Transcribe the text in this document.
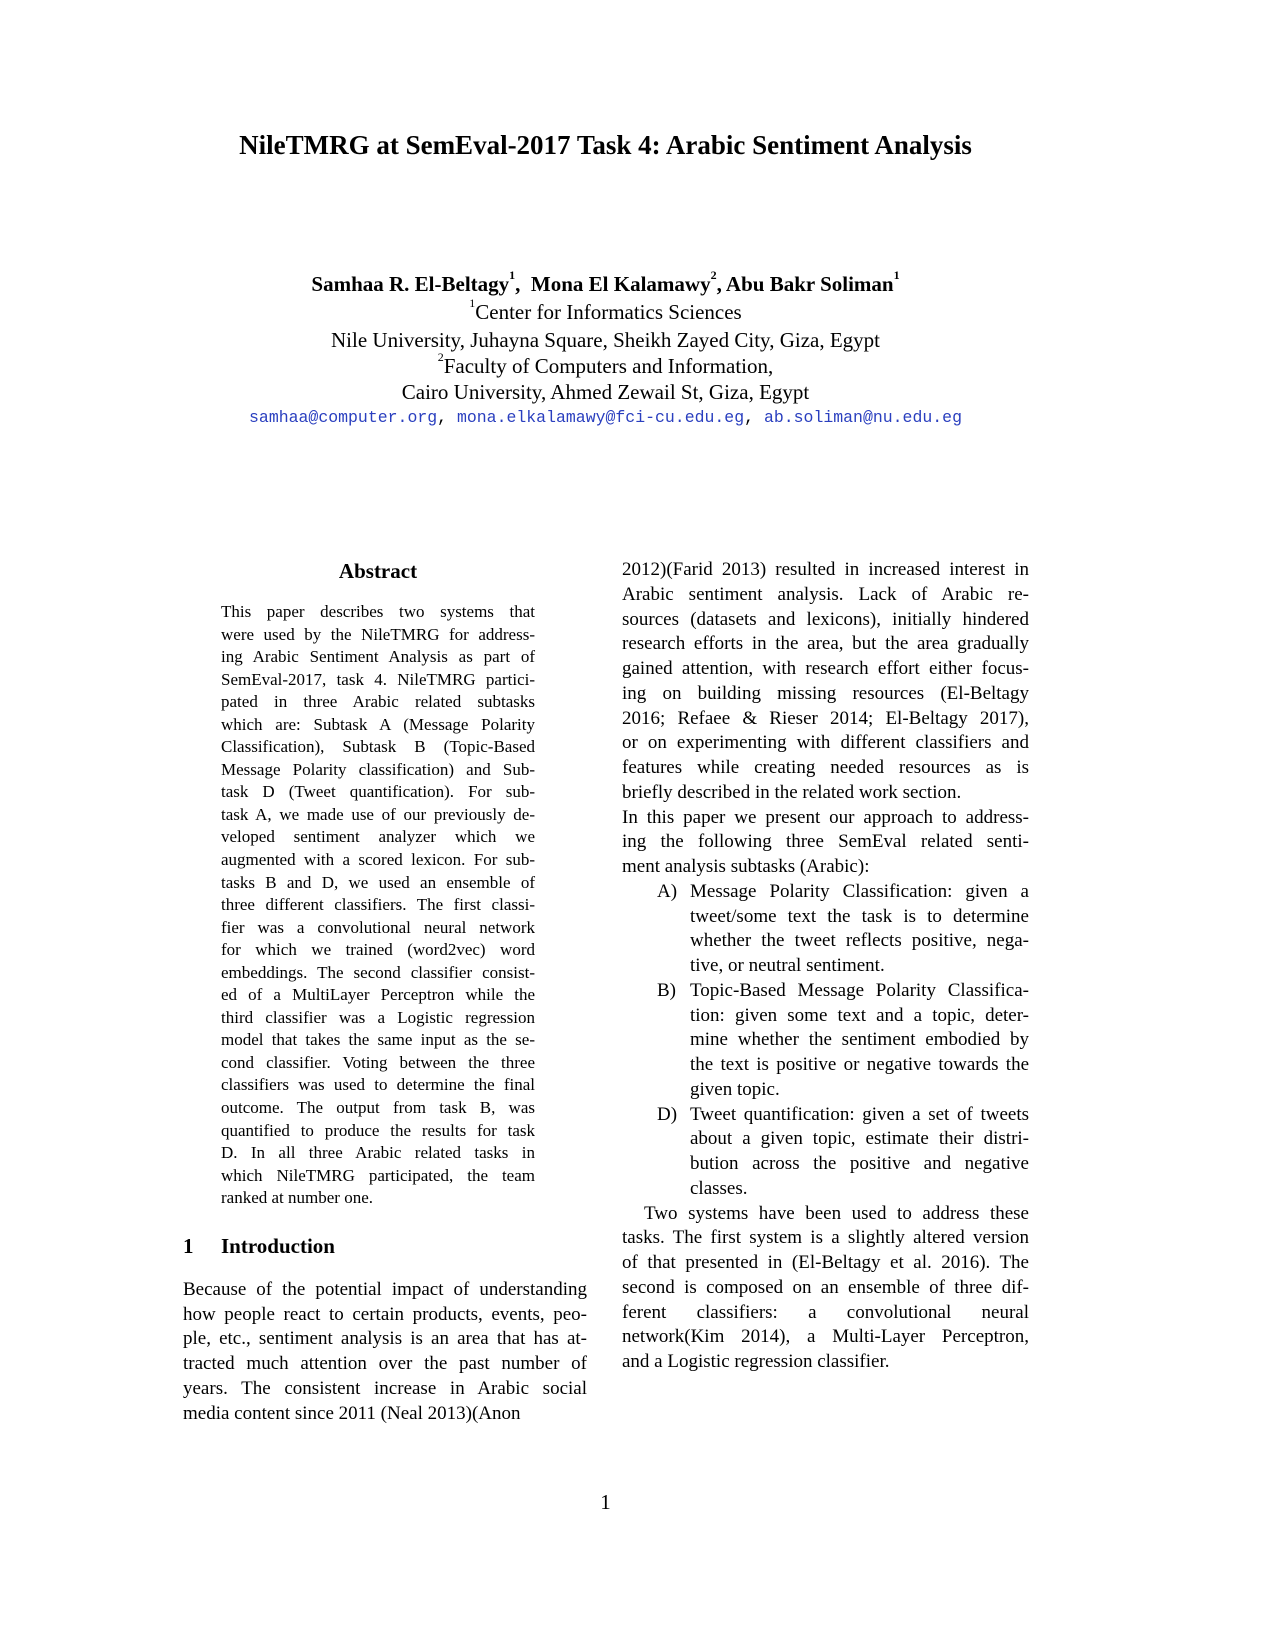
NileTMRG at SemEval-2017 Task 4: Arabic Sentiment Analysis
Samhaa R. El-Beltagy$^1$,  Mona El Kalamawy$^2$, Abu Bakr Soliman$^1$
$^1$Center for Informatics Sciences
Nile University, Juhayna Square, Sheikh Zayed City, Giza, Egypt
$^2$Faculty of Computers and Information,
Cairo University, Ahmed Zewail St, Giza, Egypt
samhaa@computer.org, mona.elkalamawy@fci-cu.edu.eg, ab.soliman@nu.edu.eg
Abstract
This paper describes two systems that
were used by the NileTMRG for address-
ing Arabic Sentiment Analysis as part of
SemEval-2017, task 4. NileTMRG partici-
pated in three Arabic related subtasks
which are: Subtask A (Message Polarity
Classification), Subtask B (Topic-Based
Message Polarity classification) and Sub-
task D (Tweet quantification). For sub-
task A, we made use of our previously de-
veloped sentiment analyzer which we
augmented with a scored lexicon. For sub-
tasks B and D, we used an ensemble of
three different classifiers. The first classi-
fier was a convolutional neural network
for which we trained (word2vec) word
embeddings. The second classifier consist-
ed of a MultiLayer Perceptron while the
third classifier was a Logistic regression
model that takes the same input as the se-
cond classifier. Voting between the three
classifiers was used to determine the final
outcome. The output from task B, was
quantified to produce the results for task
D. In all three Arabic related tasks in
which NileTMRG participated, the team
ranked at number one.
1 Introduction
Because of the potential impact of understanding
how people react to certain products, events, peo-
ple, etc., sentiment analysis is an area that has at-
tracted much attention over the past number of
years. The consistent increase in Arabic social
media content since 2011 (Neal 2013)(Anon
2012)(Farid 2013) resulted in increased interest in
Arabic sentiment analysis. Lack of Arabic re-
sources (datasets and lexicons), initially hindered
research efforts in the area, but the area gradually
gained attention, with research effort either focus-
ing on building missing resources (El-Beltagy
2016; Refaee & Rieser 2014; El-Beltagy 2017),
or on experimenting with different classifiers and
features while creating needed resources as is
briefly described in the related work section.
In this paper we present our approach to address-
ing the following three SemEval related senti-
ment analysis subtasks (Arabic):
A) Message Polarity Classification: given a
tweet/some text the task is to determine
whether the tweet reflects positive, nega-
tive, or neutral sentiment.
B) Topic-Based Message Polarity Classifica-
tion: given some text and a topic, deter-
mine whether the sentiment embodied by
the text is positive or negative towards the
given topic.
D) Tweet quantification: given a set of tweets
about a given topic, estimate their distri-
bution across the positive and negative
classes.
Two systems have been used to address these
tasks. The first system is a slightly altered version
of that presented in (El-Beltagy et al. 2016). The
second is composed on an ensemble of three dif-
ferent classifiers: a convolutional neural
network(Kim 2014), a Multi-Layer Perceptron,
and a Logistic regression classifier.
1
